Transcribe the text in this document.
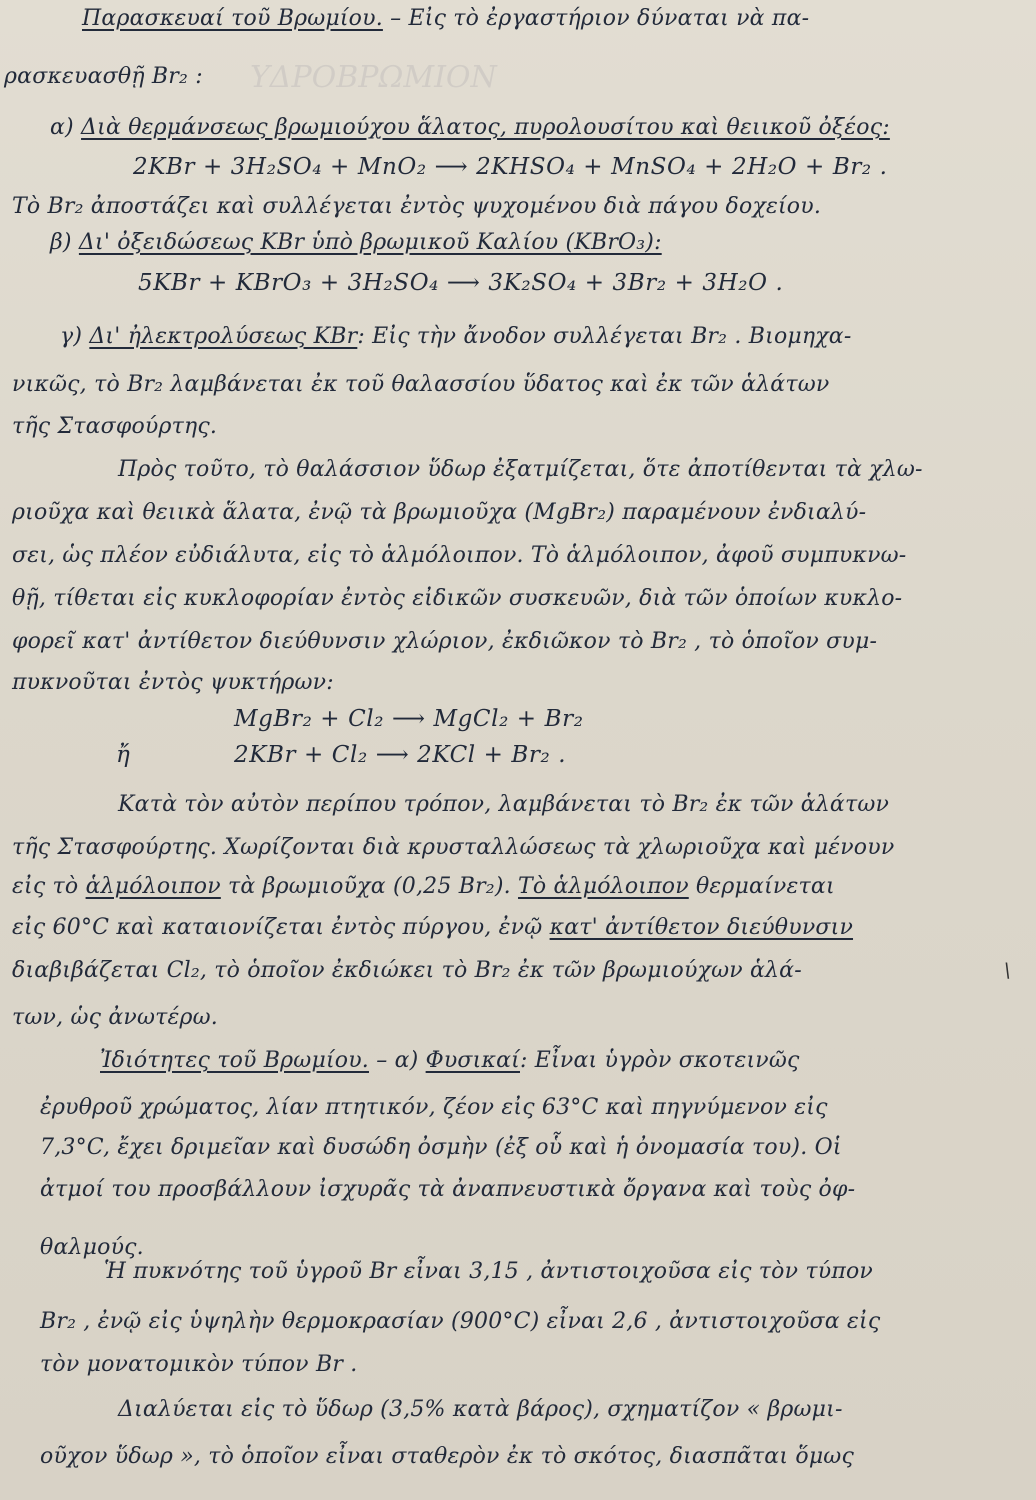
ΥΔΡΟΒΡΩΜΙΟΝ
Παρασκευαί τοῦ Βρωμίου. – Εἰς τὸ ἐργαστήριον δύναται νὰ πα-
ρασκευασθῇ Br₂ :
α) Διὰ θερμάνσεως βρωμιούχου ἅλατος, πυρολουσίτου καὶ θειικοῦ ὀξέος:
2KBr + 3H₂SO₄ + MnO₂ ⟶ 2KHSO₄ + MnSO₄ + 2H₂O + Br₂ .
Τὸ Br₂ ἀποστάζει καὶ συλλέγεται ἐντὸς ψυχομένου διὰ πάγου δοχείου.
β) Δι' ὀξειδώσεως KBr ὑπὸ βρωμικοῦ Καλίου (KBrO₃):
5KBr + KBrO₃ + 3H₂SO₄ ⟶ 3K₂SO₄ + 3Br₂ + 3H₂O .
γ) Δι' ἠλεκτρολύσεως KBr: Εἰς τὴν ἄνοδον συλλέγεται Br₂ . Βιομηχα-
νικῶς, τὸ Br₂ λαμβάνεται ἐκ τοῦ θαλασσίου ὕδατος καὶ ἐκ τῶν ἁλάτων
τῆς Στασφούρτης.
Πρὸς τοῦτο, τὸ θαλάσσιον ὕδωρ ἐξατμίζεται, ὅτε ἀποτίθενται τὰ χλω-
ριοῦχα καὶ θειικὰ ἅλατα, ἐνῷ τὰ βρωμιοῦχα (MgBr₂) παραμένουν ἐνδιαλύ-
σει, ὡς πλέον εὐδιάλυτα, εἰς τὸ ἁλμόλοιπον. Τὸ ἁλμόλοιπον, ἀφοῦ συμπυκνω-
θῇ, τίθεται εἰς κυκλοφορίαν ἐντὸς εἰδικῶν συσκευῶν, διὰ τῶν ὁποίων κυκλο-
φορεῖ κατ' ἀντίθετον διεύθυνσιν χλώριον, ἐκδιῶκον τὸ Br₂ , τὸ ὁποῖον συμ-
πυκνοῦται ἐντὸς ψυκτήρων:
MgBr₂ + Cl₂ ⟶ MgCl₂ + Br₂
ἤ	2KBr + Cl₂ ⟶ 2KCl + Br₂ .
Κατὰ τὸν αὐτὸν περίπου τρόπον, λαμβάνεται τὸ Br₂ ἐκ τῶν ἁλάτων
τῆς Στασφούρτης. Χωρίζονται διὰ κρυσταλλώσεως τὰ χλωριοῦχα καὶ μένουν
εἰς τὸ ἁλμόλοιπον τὰ βρωμιοῦχα (0,25 Br₂). Τὸ ἁλμόλοιπον θερμαίνεται
εἰς 60°C καὶ καταιονίζεται ἐντὸς πύργου, ἐνῷ κατ' ἀντίθετον διεύθυνσιν
διαβιβάζεται Cl₂, τὸ ὁποῖον ἐκδιώκει τὸ Br₂ ἐκ τῶν βρωμιούχων ἁλά-
των, ὡς ἀνωτέρω.
Ἰδιότητες τοῦ Βρωμίου. – α) Φυσικαί: Εἶναι ὑγρὸν σκοτεινῶς
ἐρυθροῦ χρώματος, λίαν πτητικόν, ζέον εἰς 63°C καὶ πηγνύμενον εἰς
7,3°C, ἔχει δριμεῖαν καὶ δυσώδη ὀσμὴν (ἐξ οὗ καὶ ἡ ὀνομασία του). Οἱ
ἀτμοί του προσβάλλουν ἰσχυρᾶς τὰ ἀναπνευστικὰ ὄργανα καὶ τοὺς ὀφ-
θαλμούς.
Ἡ πυκνότης τοῦ ὑγροῦ Br εἶναι 3,15 , ἀντιστοιχοῦσα εἰς τὸν τύπον
Br₂ , ἐνῷ εἰς ὑψηλὴν θερμοκρασίαν (900°C) εἶναι 2,6 , ἀντιστοιχοῦσα εἰς
τὸν μονατομικὸν τύπον Br .
Διαλύεται εἰς τὸ ὕδωρ (3,5% κατὰ βάρος), σχηματίζον « βρωμι-
οῦχον ὕδωρ », τὸ ὁποῖον εἶναι σταθερὸν ἐκ τὸ σκότος, διασπᾶται ὅμως
\
